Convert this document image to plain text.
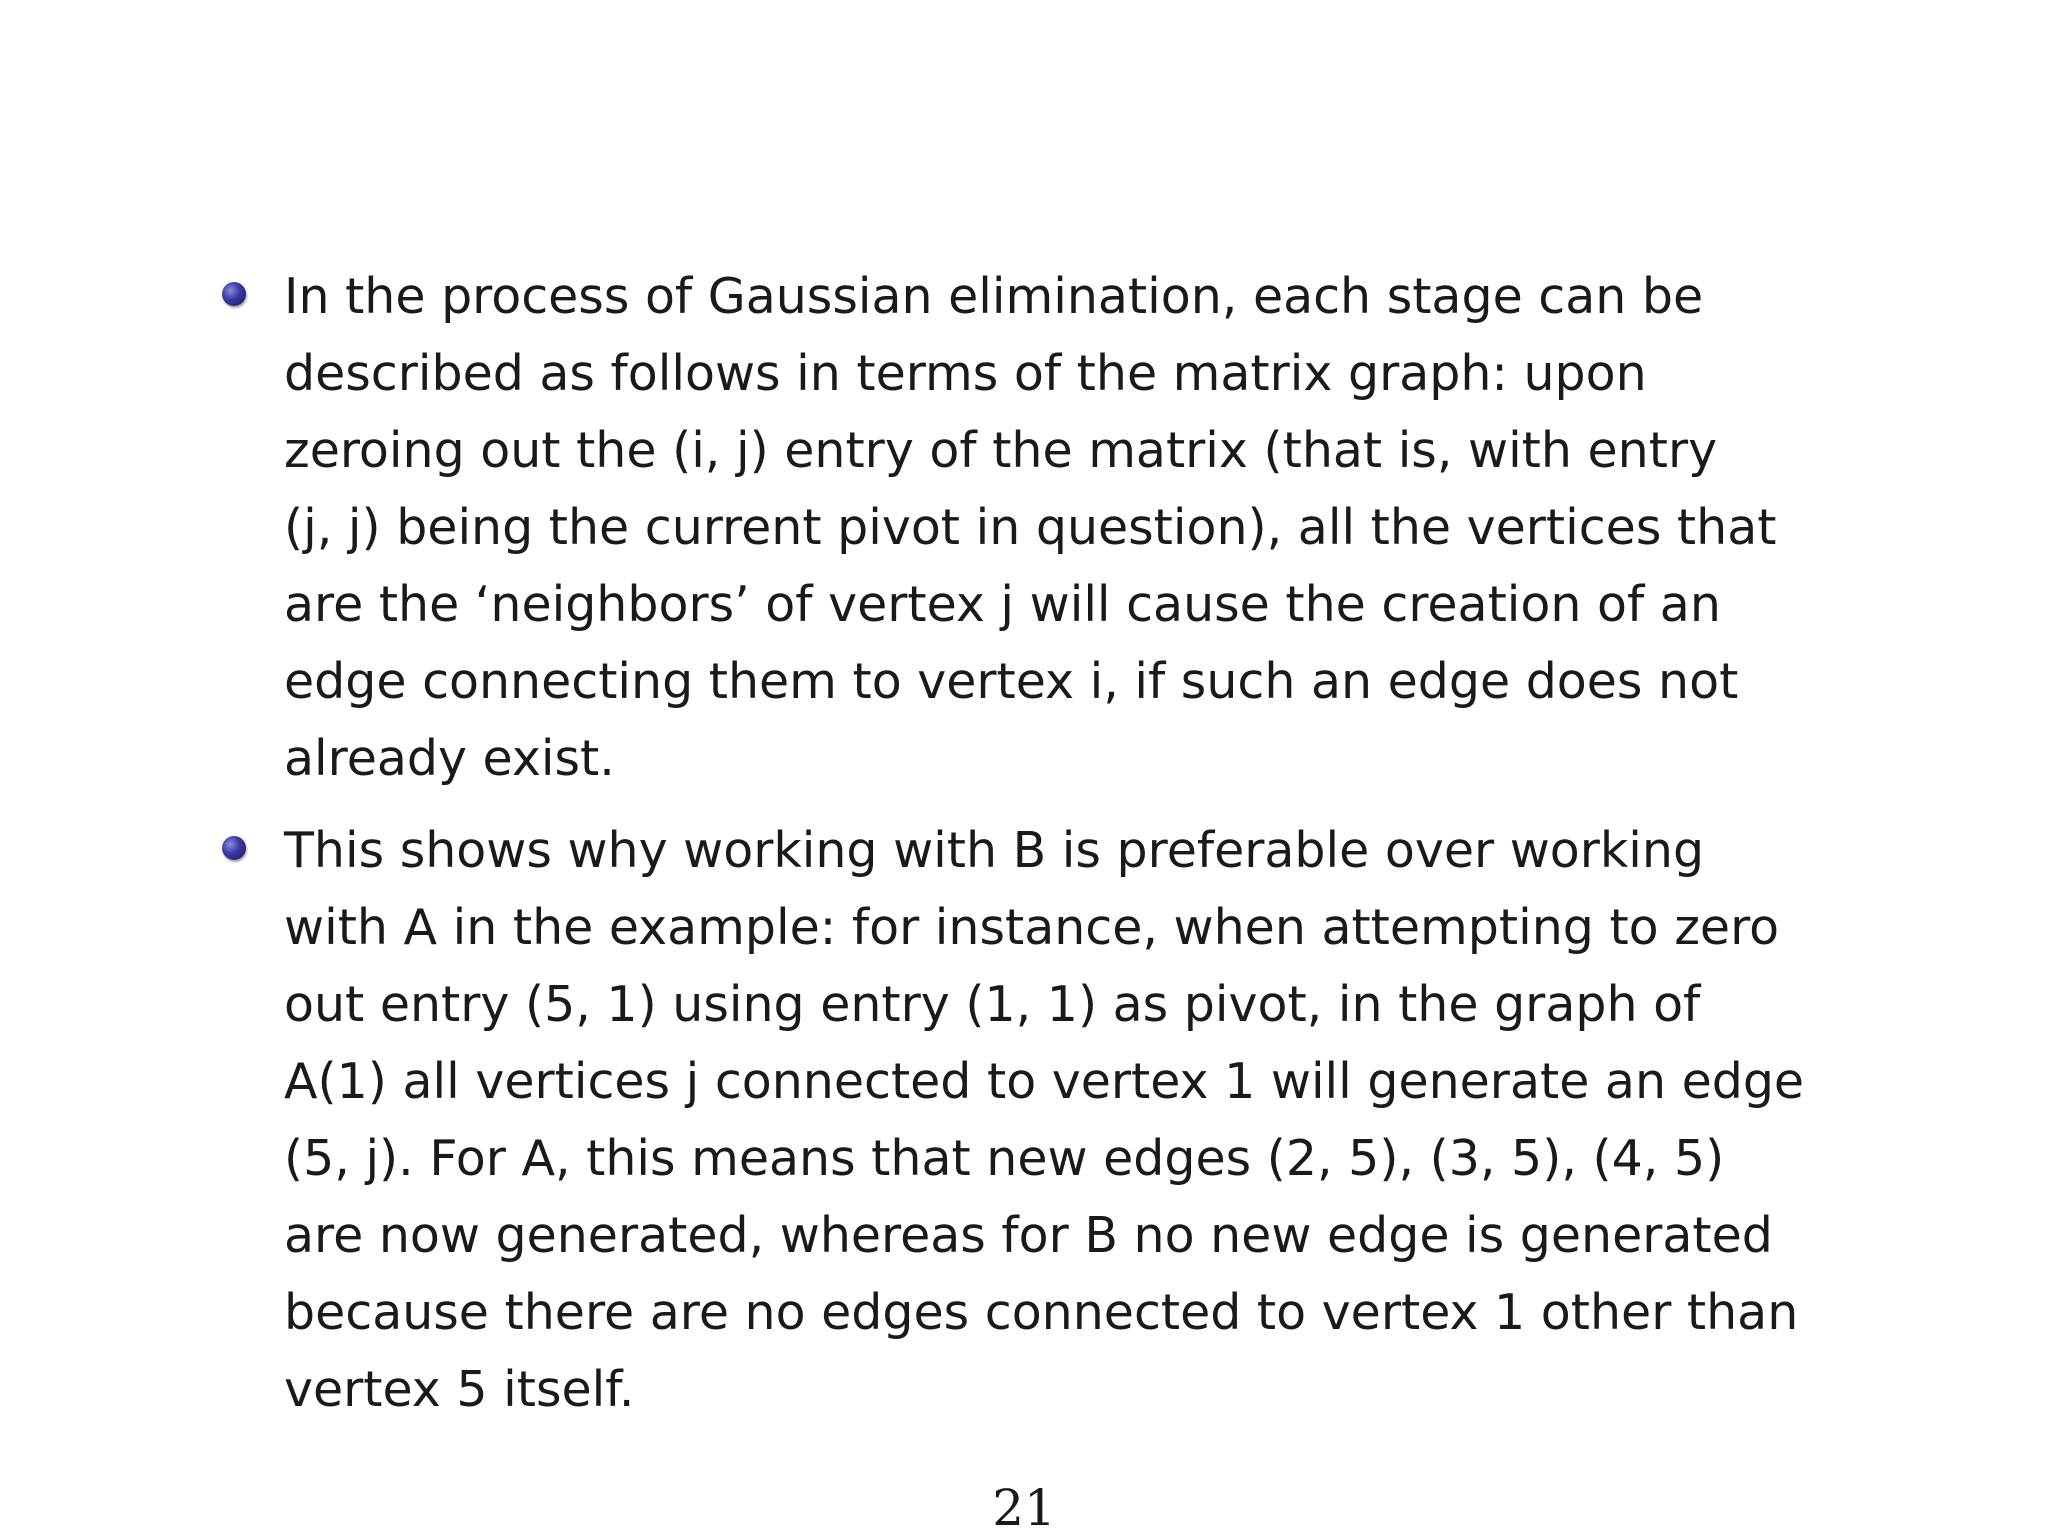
In the process of Gaussian elimination, each stage can be
described as follows in terms of the matrix graph: upon
zeroing out the (i, j) entry of the matrix (that is, with entry
(j, j) being the current pivot in question), all the vertices that
are the ‘neighbors’ of vertex j will cause the creation of an
edge connecting them to vertex i, if such an edge does not
already exist.
This shows why working with B is preferable over working
with A in the example: for instance, when attempting to zero
out entry (5, 1) using entry (1, 1) as pivot, in the graph of
A(1) all vertices j connected to vertex 1 will generate an edge
(5, j). For A, this means that new edges (2, 5), (3, 5), (4, 5)
are now generated, whereas for B no new edge is generated
because there are no edges connected to vertex 1 other than
vertex 5 itself.
21
